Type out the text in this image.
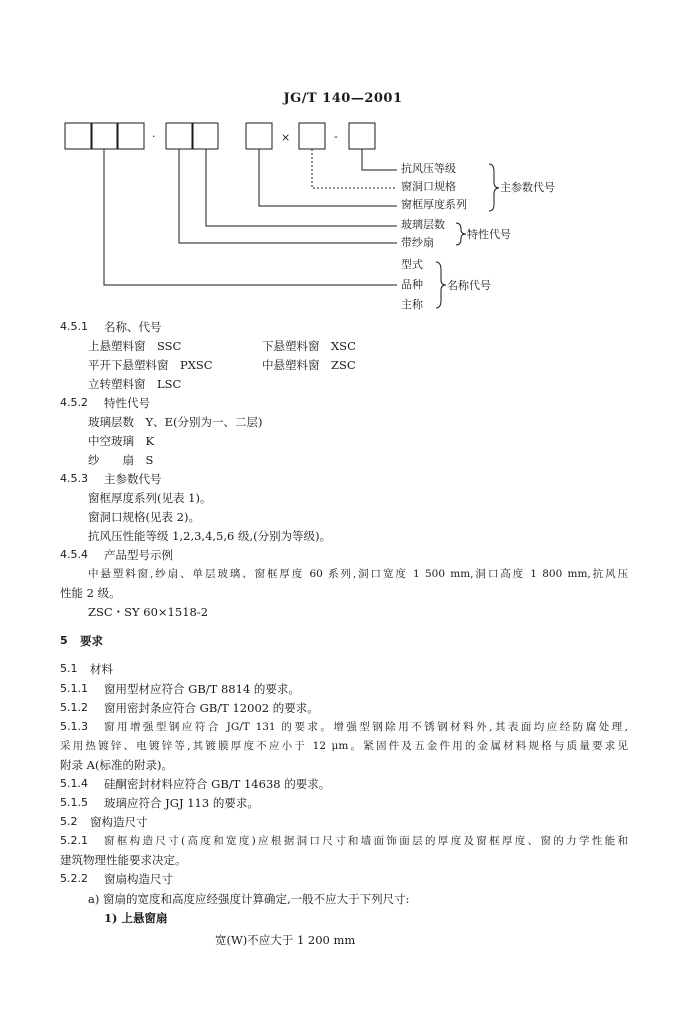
JG/T 140—2001
·	×	-
抗风压等级
窗洞口规格
窗框厚度系列
玻璃层数
带纱扇
型式
品种
主称
主参数代号
特性代号
名称代号
4.5.1 名称、代号
上悬塑料窗　SSC	下悬塑料窗　XSC
平开下悬塑料窗　PXSC	中悬塑料窗　ZSC
立转塑料窗　LSC
4.5.2 特性代号
玻璃层数　Y、E(分别为一、二层)
中空玻璃　K
纱　　扇　S
4.5.3 主参数代号
窗框厚度系列(见表 1)。
窗洞口规格(见表 2)。
抗风压性能等级 1,2,3,4,5,6 级,(分别为等级)。
4.5.4 产品型号示例
中悬塑料窗,纱扇、单层玻璃、窗框厚度 60 系列,洞口宽度 1 500 mm,洞口高度 1 800 mm,抗风压
性能 2 级。
ZSC・SY 60×1518-2
5 要求
5.1 材料
5.1.1 窗用型材应符合 GB/T 8814 的要求。
5.1.2 窗用密封条应符合 GB/T 12002 的要求。
5.1.3 窗用增强型钢应符合 JG/T 131 的要求。增强型钢除用不锈钢材料外,其表面均应经防腐处理,
采用热镀锌、电镀锌等,其镀膜厚度不应小于 12 μm。紧固件及五金件用的金属材料规格与质量要求见
附录 A(标准的附录)。
5.1.4 硅酮密封材料应符合 GB/T 14638 的要求。
5.1.5 玻璃应符合 JGJ 113 的要求。
5.2 窗构造尺寸
5.2.1 窗框构造尺寸(高度和宽度)应根据洞口尺寸和墙面饰面层的厚度及窗框厚度、窗的力学性能和
建筑物理性能要求决定。
5.2.2 窗扇构造尺寸
a) 窗扇的宽度和高度应经强度计算确定,一般不应大于下列尺寸:
1) 上悬窗扇
宽(W)不应大于 1 200 mm
